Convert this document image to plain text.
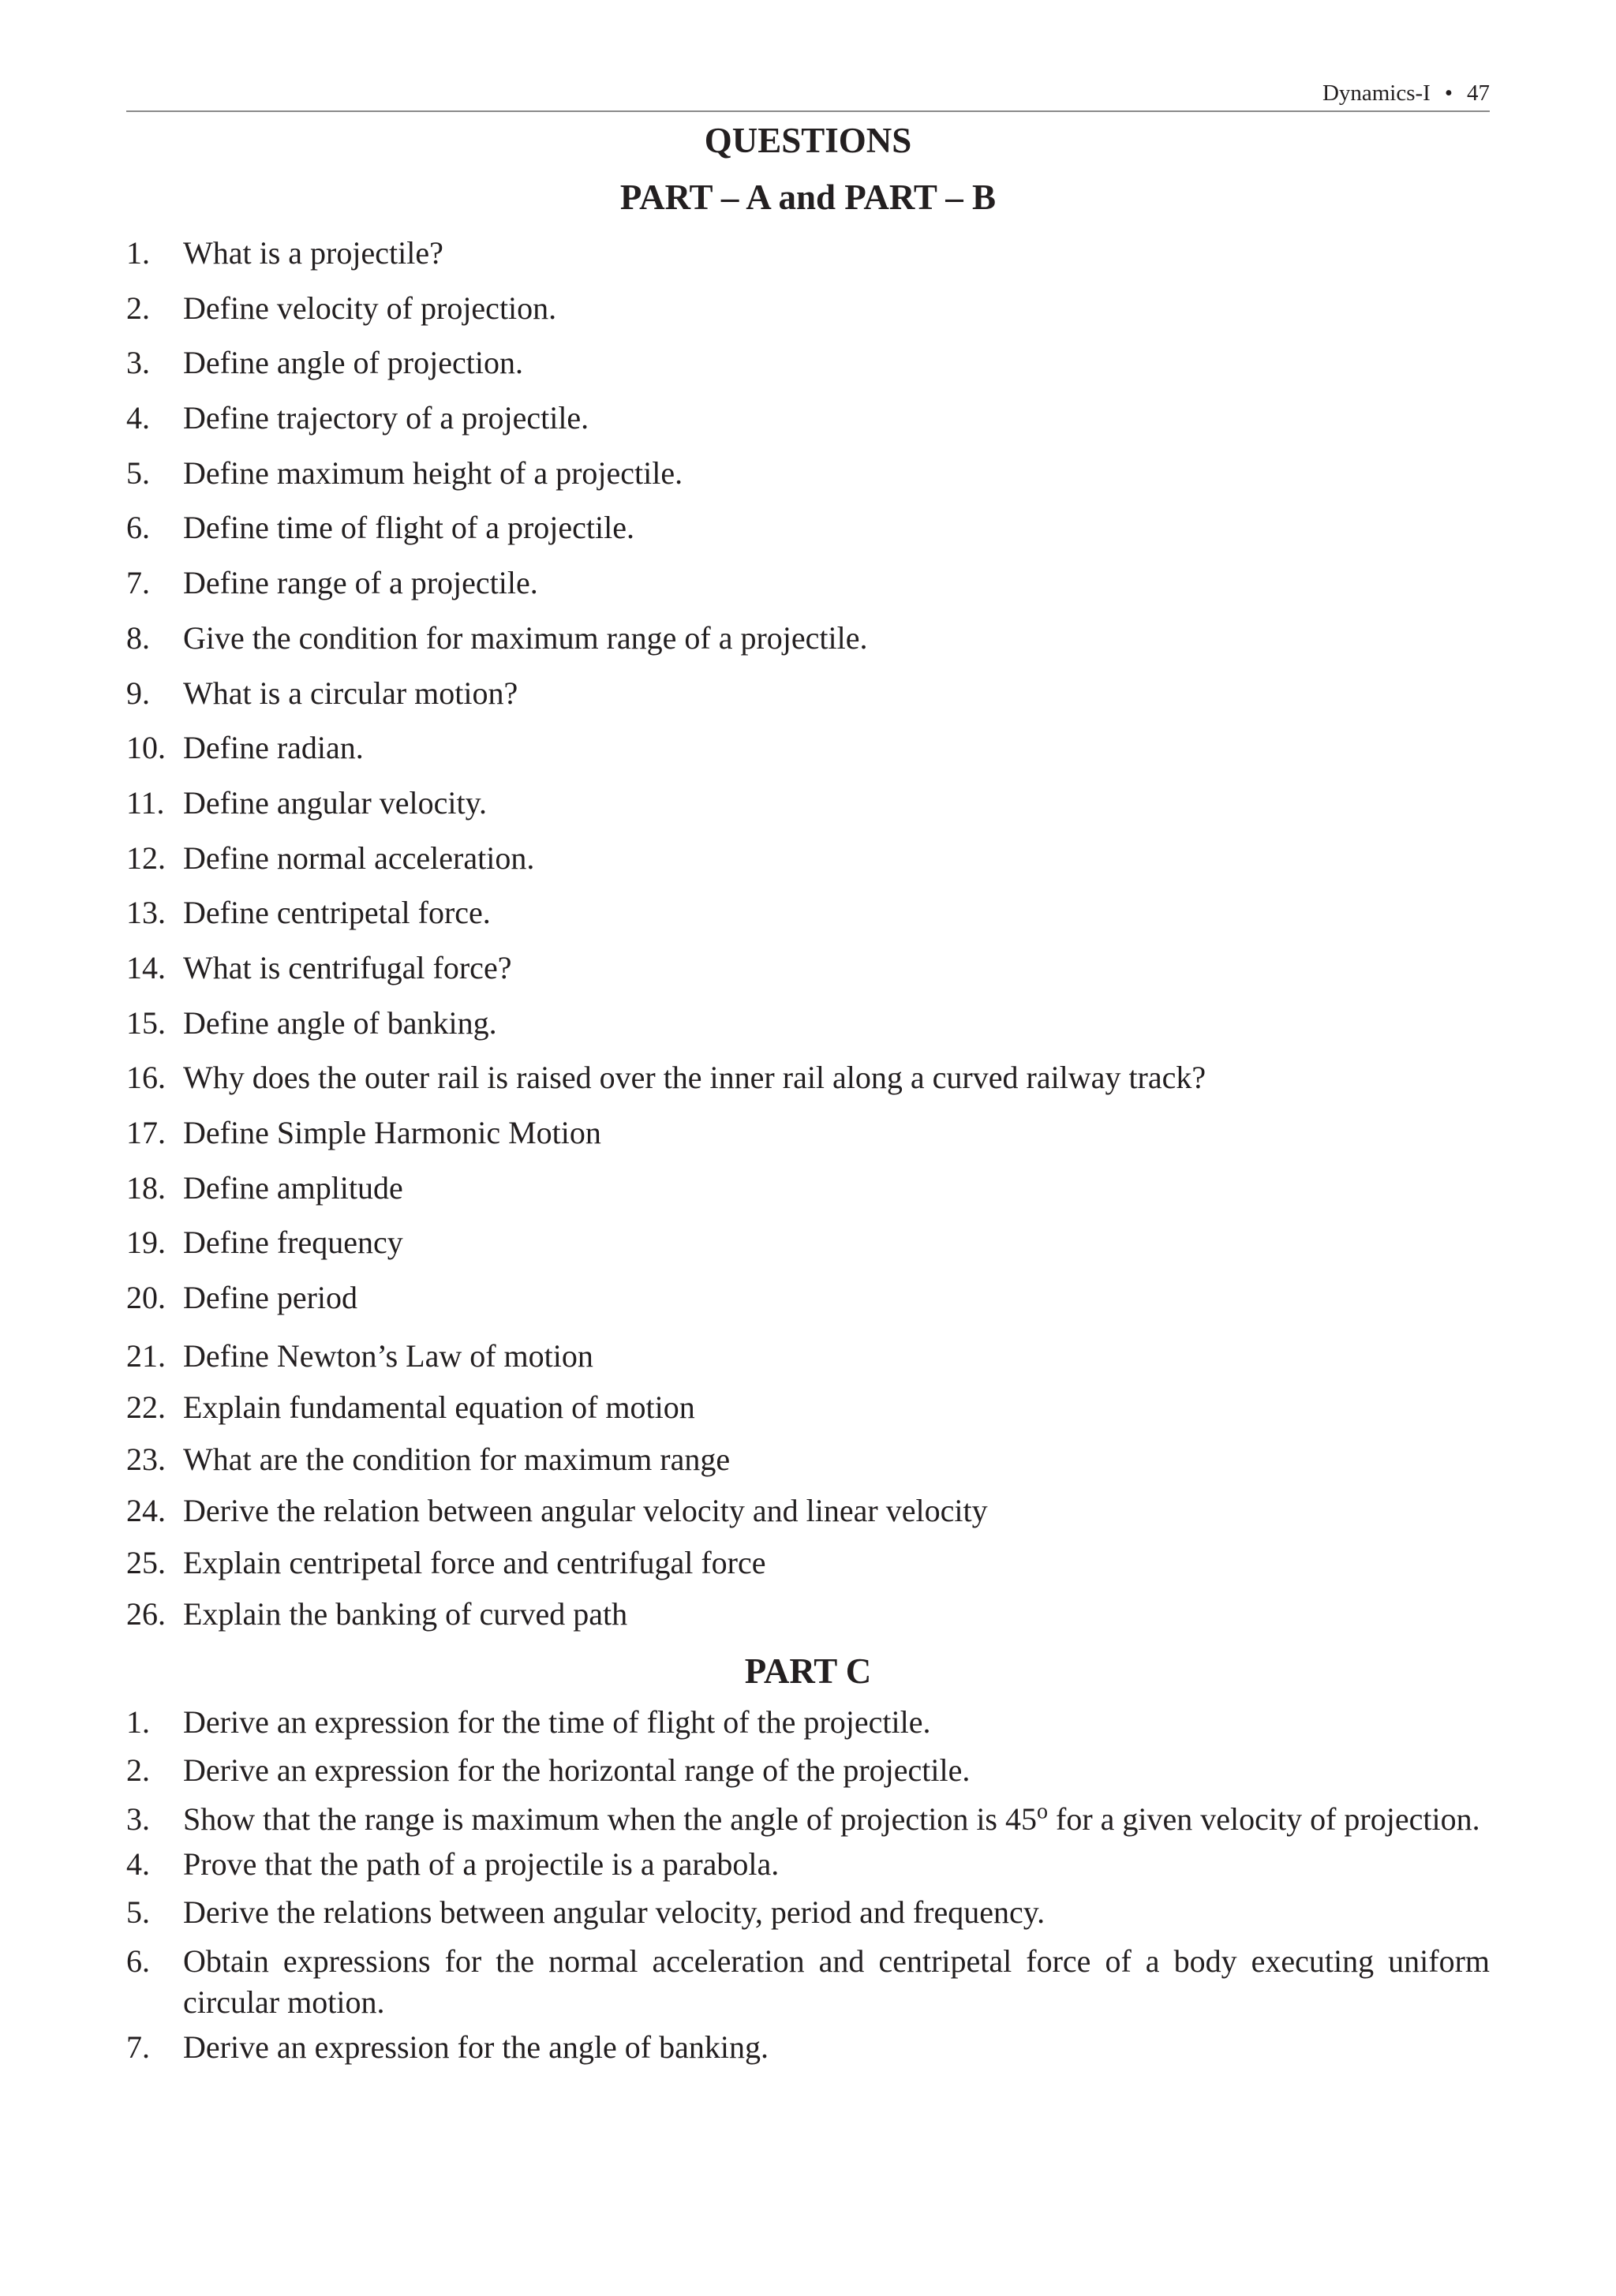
Dynamics-I • 47
QUESTIONS
PART – A and PART – B
1.	What is a projectile?
2.	Define velocity of projection.
3.	Define angle of projection.
4.	Define trajectory of a projectile.
5.	Define maximum height of a projectile.
6.	Define time of flight of a projectile.
7.	Define range of a projectile.
8.	Give the condition for maximum range of a projectile.
9.	What is a circular motion?
10. Define radian.
11. Define angular velocity.
12. Define normal acceleration.
13. Define centripetal force.
14. What is centrifugal force?
15. Define angle of banking.
16. Why does the outer rail is raised over the inner rail along a curved railway track?
17. Define Simple Harmonic Motion
18. Define amplitude
19. Define frequency
20. Define period
21. Define Newton’s Law of motion
22. Explain fundamental equation of motion
23. What are the condition for maximum range
24. Derive the relation between angular velocity and linear velocity
25. Explain centripetal force and centrifugal force
26. Explain the banking of curved path
PART C
1.	Derive an expression for the time of flight of the projectile.
2.	Derive an expression for the horizontal range of the projectile.
3.	Show that the range is maximum when the angle of projection is 45$^o$ for a given velocity of projection.
4.	Prove that the path of a projectile is a parabola.
5.	Derive the relations between angular velocity, period and frequency.
6.	Obtain expressions for the normal acceleration and centripetal force of a body executing uniform circular motion.
7.	Derive an expression for the angle of banking.
